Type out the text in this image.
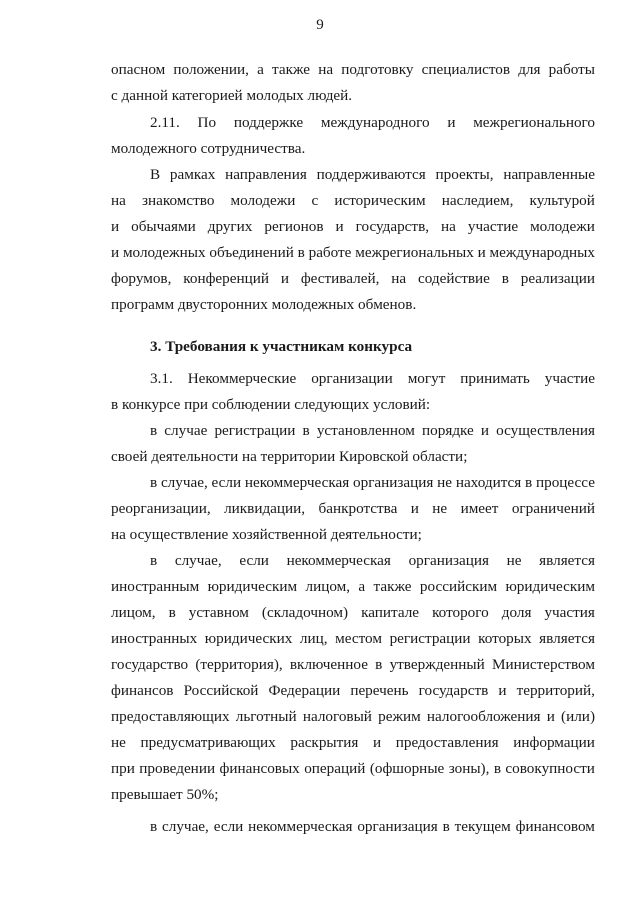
9
опасном положении, а также на подготовку специалистов для работы
с данной категорией молодых людей.
2.11. По поддержке международного и межрегионального
молодежного сотрудничества.
В рамках направления поддерживаются проекты, направленные
на знакомство молодежи с историческим наследием, культурой
и обычаями других регионов и государств, на участие молодежи
и молодежных объединений в работе межрегиональных и международных
форумов, конференций и фестивалей, на содействие в реализации
программ двусторонних молодежных обменов.
3. Требования к участникам конкурса
3.1. Некоммерческие организации могут принимать участие
в конкурсе при соблюдении следующих условий:
в случае регистрации в установленном порядке и осуществления
своей деятельности на территории Кировской области;
в случае, если некоммерческая организация не находится в процессе
реорганизации, ликвидации, банкротства и не имеет ограничений
на осуществление хозяйственной деятельности;
в случае, если некоммерческая организация не является
иностранным юридическим лицом, а также российским юридическим
лицом, в уставном (складочном) капитале которого доля участия
иностранных юридических лиц, местом регистрации которых является
государство (территория), включенное в утвержденный Министерством
финансов Российской Федерации перечень государств и территорий,
предоставляющих льготный налоговый режим налогообложения и (или)
не предусматривающих раскрытия и предоставления информации
при проведении финансовых операций (офшорные зоны), в совокупности
превышает 50%;
в случае, если некоммерческая организация в текущем финансовом
